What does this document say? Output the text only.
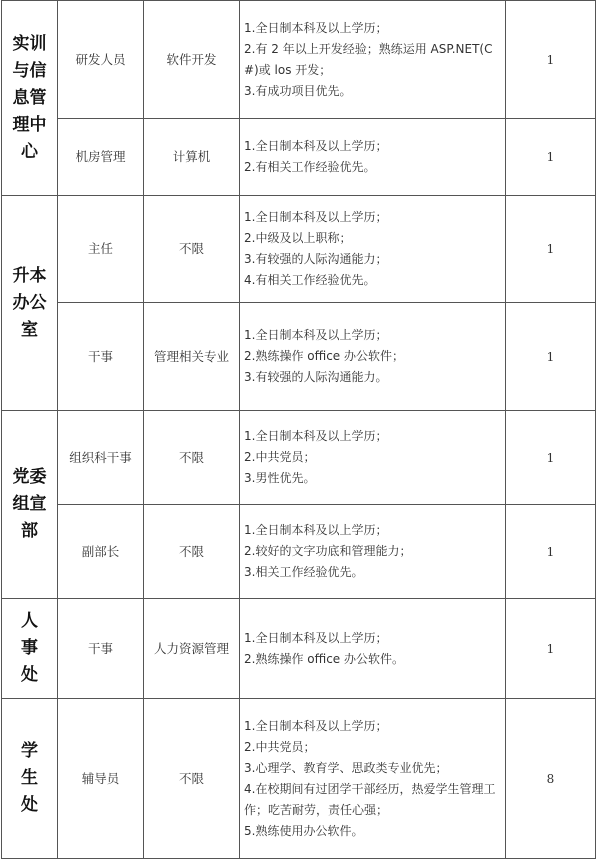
实训与信息管理中心	研发人员	软件开发	1.全日制本科及以上学历；
2.有 2 年以上开发经验；熟练运用 ASP.NET(C#)或 los 开发；
3.有成功项目优先。	1
	机房管理	计算机	1.全日制本科及以上学历；
2.有相关工作经验优先。	1
升本办公室	主任	不限	1.全日制本科及以上学历；
2.中级及以上职称；
3.有较强的人际沟通能力；
4.有相关工作经验优先。	1
	干事	管理相关专业	1.全日制本科及以上学历；
2.熟练操作 office 办公软件；
3.有较强的人际沟通能力。	1
党委组宣部	组织科干事	不限	1.全日制本科及以上学历；
2.中共党员；
3.男性优先。	1
	副部长	不限	1.全日制本科及以上学历；
2.较好的文字功底和管理能力；
3.相关工作经验优先。	1
人事处	干事	人力资源管理	1.全日制本科及以上学历；
2.熟练操作 office 办公软件。	1
学生处	辅导员	不限	1.全日制本科及以上学历；
2.中共党员；
3.心理学、教育学、思政类专业优先；
4.在校期间有过团学干部经历，热爱学生管理工作；吃苦耐劳，责任心强；
5.熟练使用办公软件。	8
